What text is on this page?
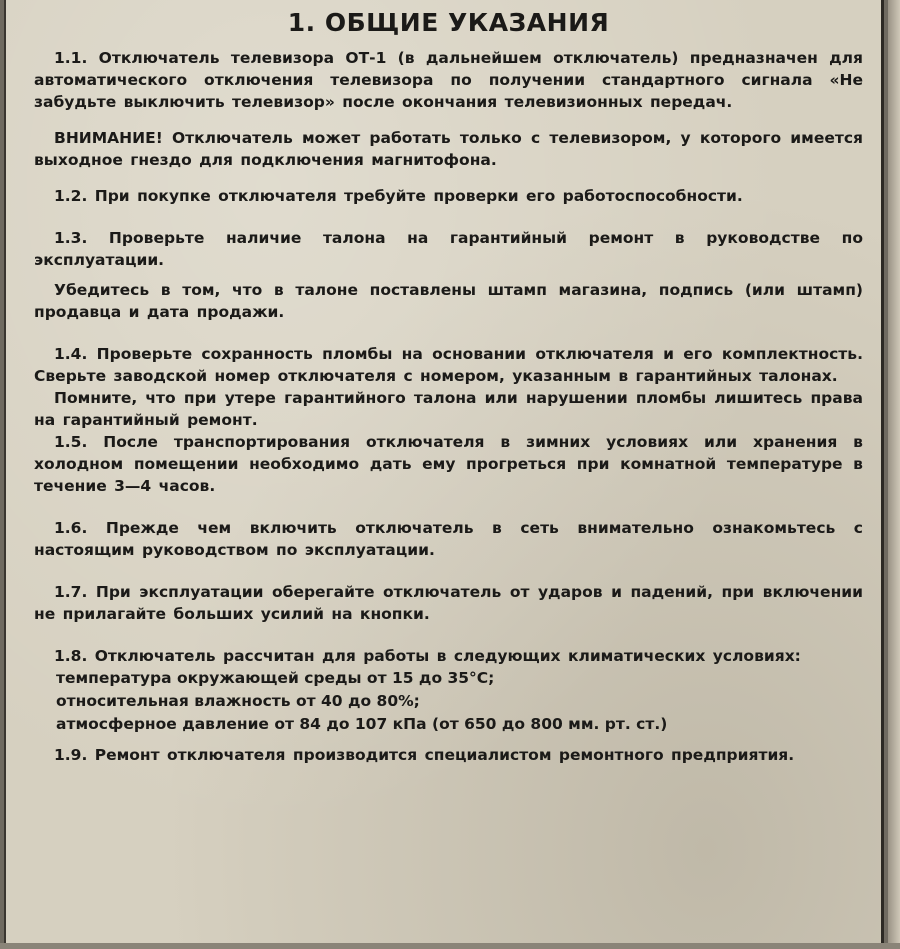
1. ОБЩИЕ УКАЗАНИЯ

1.1. Отключатель телевизора ОТ-1 (в дальнейшем отключатель) предназначен для автоматического отключения телевизора по получении стандартного сигнала «Не забудьте выключить телевизор» после окончания телевизионных передач.

ВНИМАНИЕ! Отключатель может работать только с телевизором, у которого имеется выходное гнездо для подключения магнитофона.

1.2. При покупке отключателя требуйте проверки его работоспособности.

1.3. Проверьте наличие талона на гарантийный ремонт в руководстве по эксплуатации.

Убедитесь в том, что в талоне поставлены штамп магазина, подпись (или штамп) продавца и дата продажи.

1.4. Проверьте сохранность пломбы на основании отключателя и его комплектность. Сверьте заводской номер отключателя с номером, указанным в гарантийных талонах.

Помните, что при утере гарантийного талона или нарушении пломбы лишитесь права на гарантийный ремонт.

1.5. После транспортирования отключателя в зимних условиях или хранения в холодном помещении необходимо дать ему прогреться при комнатной температуре в течение 3—4 часов.

1.6. Прежде чем включить отключатель в сеть внимательно ознакомьтесь с настоящим руководством по эксплуатации.

1.7. При эксплуатации оберегайте отключатель от ударов и падений, при включении не прилагайте больших усилий на кнопки.

1.8. Отключатель рассчитан для работы в следующих климатических условиях:

температура окружающей среды от 15 до 35°С;
относительная влажность от 40 до 80%;
атмосферное давление от 84 до 107 кПа (от 650 до 800 мм. рт. ст.)

1.9. Ремонт отключателя производится специалистом ремонтного предприятия.
